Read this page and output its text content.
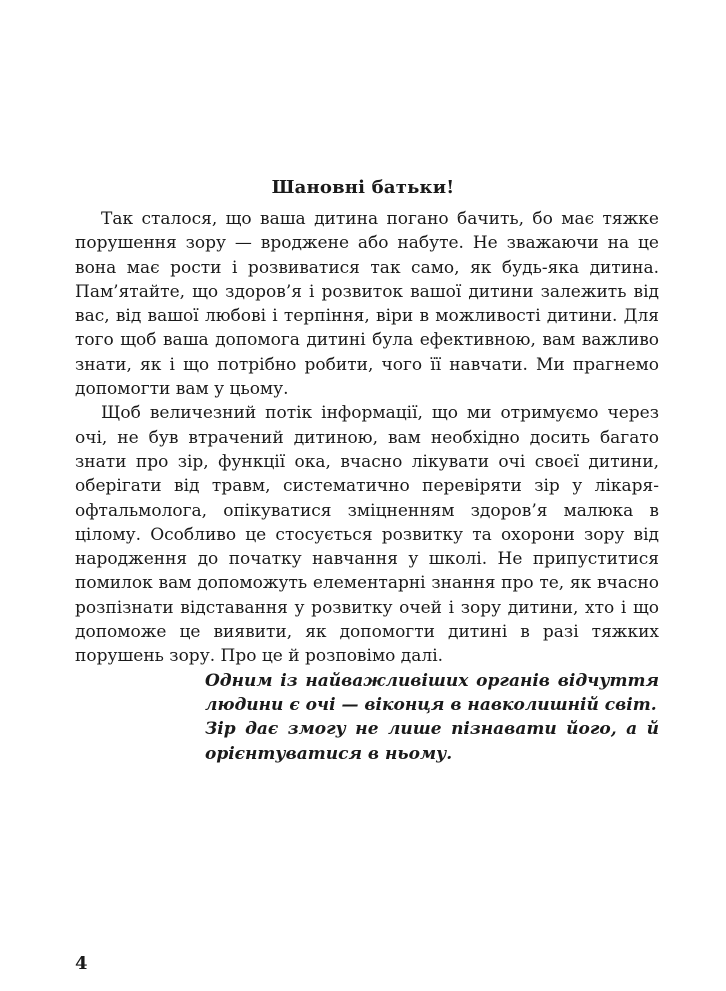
Шановні батьки!

Так сталося, що ваша дитина погано бачить, бо має тяжке порушення зору — вроджене або набуте. Не зважаючи на це вона має рости і розвиватися так само, як будь-яка дитина. Пам’ятайте, що здоров’я і розвиток вашої дитини залежить від вас, від вашої любові і терпіння, віри в можливості дитини. Для того щоб ваша допомога дитині була ефективною, вам важливо знати, як і що потрібно робити, чого її навчати. Ми прагнемо допомогти вам у цьому.

Щоб величезний потік інформації, що ми отримуємо через очі, не був втрачений дитиною, вам необхідно досить багато знати про зір, функції ока, вчасно лікувати очі своєї дитини, оберігати від травм, систематично перевіряти зір у лікаря-офтальмолога, опікуватися зміцненням здоров’я малюка в цілому. Особливо це стосується розвитку та охорони зору від народження до початку навчання у школі. Не припуститися помилок вам допоможуть елементарні знання про те, як вчасно розпізнати відставання у розвитку очей і зору дитини, хто і що допоможе це виявити, як допомогти дитині в разі тяжких порушень зору. Про це й розповімо далі.

Одним із найважливіших органів відчуття людини є очі — віконця в навколишній світ.

Зір дає змогу не лише пізнавати його, а й орієнтуватися в ньому.

4
